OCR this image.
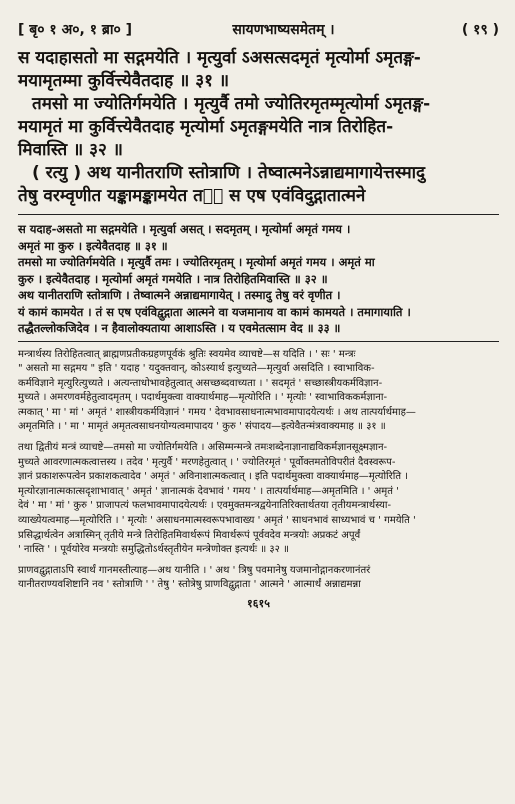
[ बृ० १ अ०, १ ब्रा० ]	सायणभाष्यसमेतम् ।	( १९ )

स यदाहासतो मा सद्गमयेति । मृत्युर्वा ऽअसत्सदमृतं मृत्योर्मा ऽमृतङ्ग-

मयामृतम्मा कुर्वित्त्येवैतदाह ॥ ३१ ॥

तमसो मा ज्योतिर्गमयेति । मृत्युर्वै तमो ज्योतिरमृतम्मृत्योर्मा ऽमृतङ्ग-

मयामृतं मा कुर्वित्त्येवैतदाह मृत्योर्मा ऽमृतङ्गमयेति नात्र तिरोहित-

मिवास्ति ॥ ३२ ॥

( रत्यु ) अथ यानीतराणि स्तोत्राणि । तेष्वात्मनेऽन्नाद्यमागायेत्तस्मादु

तेषु वरम्वृणीत यङ्कामङ्कामयेत तᳩँ स एष एवंविदुद्गातात्मने

स यदाह-असतो मा सद्गमयेति । मृत्युर्वा असत् । सदमृतम् । मृत्योर्मा अमृतं गमय ।

अमृतं मा कुरु । इत्येवैतदाह ॥ ३१ ॥

तमसो मा ज्योतिर्गमयेति । मृत्युर्वै तमः । ज्योतिरमृतम् । मृत्योर्मा अमृतं गमय । अमृतं मा

कुरु । इत्येवैतदाह । मृत्योर्मा अमृतं गमयेति । नात्र तिरोहितमिवास्ति ॥ ३२ ॥

अथ यानीतराणि स्तोत्राणि । तेष्वात्मने अन्नाद्यमागायेत् । तस्मादु तेषु वरं वृणीत ।

यं कामं कामयेत । तं स एष एवंविद्वुद्गाता आत्मने वा यजमानाय वा कामं कामयते । तमागायाति ।

तद्धैतल्लोकजिदेव । न हैवालोक्यताया आशाऽस्ति । य एवमेतत्साम वेद ॥ ३३ ॥

मन्त्रार्थस्य तिरोहितत्वात् ब्राह्मणप्रतीकग्रहणपूर्वकं श्रुतिः स्वयमेव व्याचष्टे—स यदिति । ' सः ' मन्त्रः

" असतो मा सद्गमय " इति ' यदाह ' यदुक्तवान्, कोऽस्यार्थ इत्युच्यते—मृत्युर्वा असदिति । स्वाभाविक-

कर्मविज्ञाने मृत्युरित्युच्यते । अत्यन्ताधोभावहेतुत्वात् असच्छब्दवाच्यता । ' सदमृतं ' सच्छास्त्रीयकर्मविज्ञान-

मुच्यते । अमरणवर्महेतुत्वादमृतम् । पदार्थमुक्त्वा वाक्यार्थमाह—मृत्योरिति । ' मृत्योः ' स्वाभाविककर्मज्ञाना-

त्मकात् ' मा ' मां ' अमृतं ' शास्त्रीयकर्मविज्ञानं ' गमय ' देवभावसाधनात्मभावमापादयेत्यर्थः । अथ तात्पर्यार्थमाह—

अमृतमिति । ' मा ' मामृतं अमृतत्वसाधनयोग्यत्वमापादय ' कुरु ' संपादय—इत्येवैतन्मंत्रवाक्यमाह ॥ ३१ ॥

तथा द्वितीयं मन्त्रं व्याचष्टे—तमसो मा ज्योतिर्गमयेति । असिम्मन्मन्त्रे तमःशब्देनाज्ञानाद्यविकर्मज्ञानसूक्ष्मज्ञान-

मुच्यते आवरणात्मकत्वात्तस्य । तदेव ' मृत्युर्वै ' मरणहेतुत्वात् । ' ज्योतिरमृतं ' पूर्वोक्तमतोविपरीतं दैवस्वरूप-

ज्ञानं प्रकाशरूपत्वेन प्रकाशकत्वादेव ' अमृतं ' अविनाशात्मकत्वात् । इति पदार्थमुक्त्वा वाक्यार्थमाह—मृत्योरिति ।

मृत्योरज्ञानात्मकात्सदृशाभावात् ' अमृतं ' ज्ञानात्मकं देवभावं ' गमय ' । तात्पर्यार्थमाह—अमृतमिति । ' अमृतं '

देवं ' मा ' मां ' कुरु ' प्राजापत्यं फलभावमापादयेत्यर्थः । एवमुक्तमन्त्रद्वयेनातिरिक्तार्थतया तृतीयमन्त्रार्थस्या-

व्याख्येयत्वमाह—मृत्योरिति । ' मृत्योः ' असाधनमात्मस्वरूपभावाख्य ' अमृतं ' साधनभावं साध्यभावं च ' गमयेति '

प्रसिद्धार्थत्वेन अत्रास्मिन् तृतीये मन्त्रे तिरोहितमिवार्थरूपं मिवार्थरूपं पूर्ववदेव मन्त्रयोः अप्रकटं अपूर्वं

' नास्ति ' । पूर्वयोरेव मन्त्रयोः समुद्धितोऽर्थस्तृतीयेन मन्त्रेणोक्त इत्यर्थः ॥ ३२ ॥

प्राणवद्वुद्गाताऽपि स्वार्थं गानमस्तीत्याह—अथ यानीति । ' अथ ' त्रिषु पवमानेषु यजमानोद्गानकरणानंतरं

यानीतराण्यवशिष्टानि नव ' स्तोत्राणि ' ' तेषु ' स्तोत्रेषु प्राणविद्वुद्गाता ' आत्मने ' आत्मार्थं अन्नाद्यमन्ना

१६१५
